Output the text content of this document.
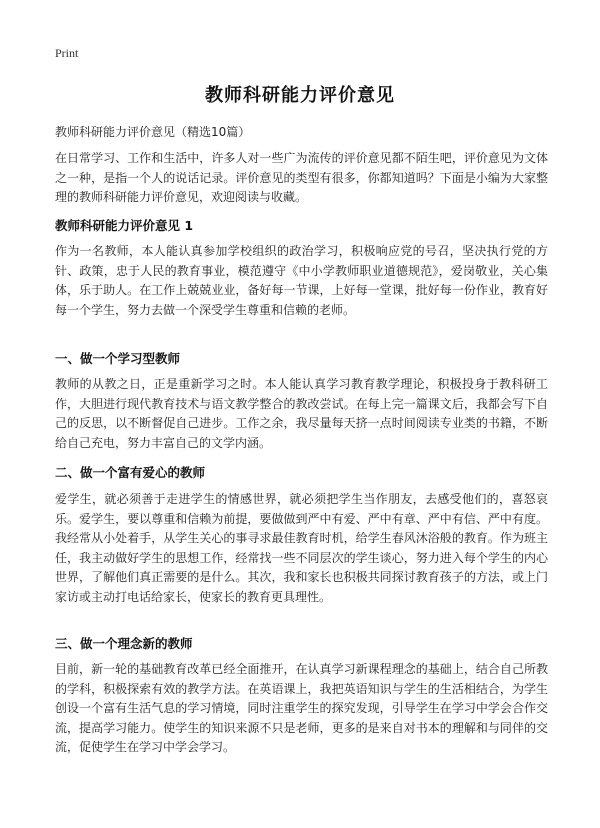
Print
教师科研能力评价意见
教师科研能力评价意见（精选10篇）
在日常学习、工作和生活中，许多人对一些广为流传的评价意见都不陌生吧，评价意见为文体之一种，是指一个人的说话记录。评价意见的类型有很多，你都知道吗？下面是小编为大家整理的教师科研能力评价意见，欢迎阅读与收藏。
教师科研能力评价意见 1
作为一名教师，本人能认真参加学校组织的政治学习，积极响应党的号召，坚决执行党的方针、政策，忠于人民的教育事业，模范遵守《中小学教师职业道德规范》，爱岗敬业，关心集体，乐于助人。在工作上兢兢业业，备好每一节课，上好每一堂课，批好每一份作业，教育好每一个学生，努力去做一个深受学生尊重和信赖的老师。
一、做一个学习型教师
教师的从教之日，正是重新学习之时。本人能认真学习教育教学理论，积极投身于教科研工作，大胆进行现代教育技术与语文教学整合的教改尝试。在每上完一篇课文后，我都会写下自己的反思，以不断督促自己进步。工作之余，我尽量每天挤一点时间阅读专业类的书籍，不断给自己充电，努力丰富自己的文学内涵。
二、做一个富有爱心的教师
爱学生，就必须善于走进学生的情感世界，就必须把学生当作朋友，去感受他们的，喜怒哀乐。爱学生，要以尊重和信赖为前提，要做做到严中有爱、严中有章、严中有信、严中有度。我经常从小处着手，从学生关心的事寻求最佳教育时机，给学生春风沐浴般的教育。作为班主任，我主动做好学生的思想工作，经常找一些不同层次的学生谈心，努力进入每个学生的内心世界，了解他们真正需要的是什么。其次，我和家长也积极共同探讨教育孩子的方法，或上门家访或主动打电话给家长，使家长的教育更具理性。
三、做一个理念新的教师
目前，新一轮的基础教育改革已经全面推开，在认真学习新课程理念的基础上，结合自己所教的学科，积极探索有效的教学方法。在英语课上，我把英语知识与学生的生活相结合，为学生创设一个富有生活气息的学习情境，同时注重学生的探究发现，引导学生在学习中学会合作交流，提高学习能力。使学生的知识来源不只是老师，更多的是来自对书本的理解和与同伴的交流，促使学生在学习中学会学习。
